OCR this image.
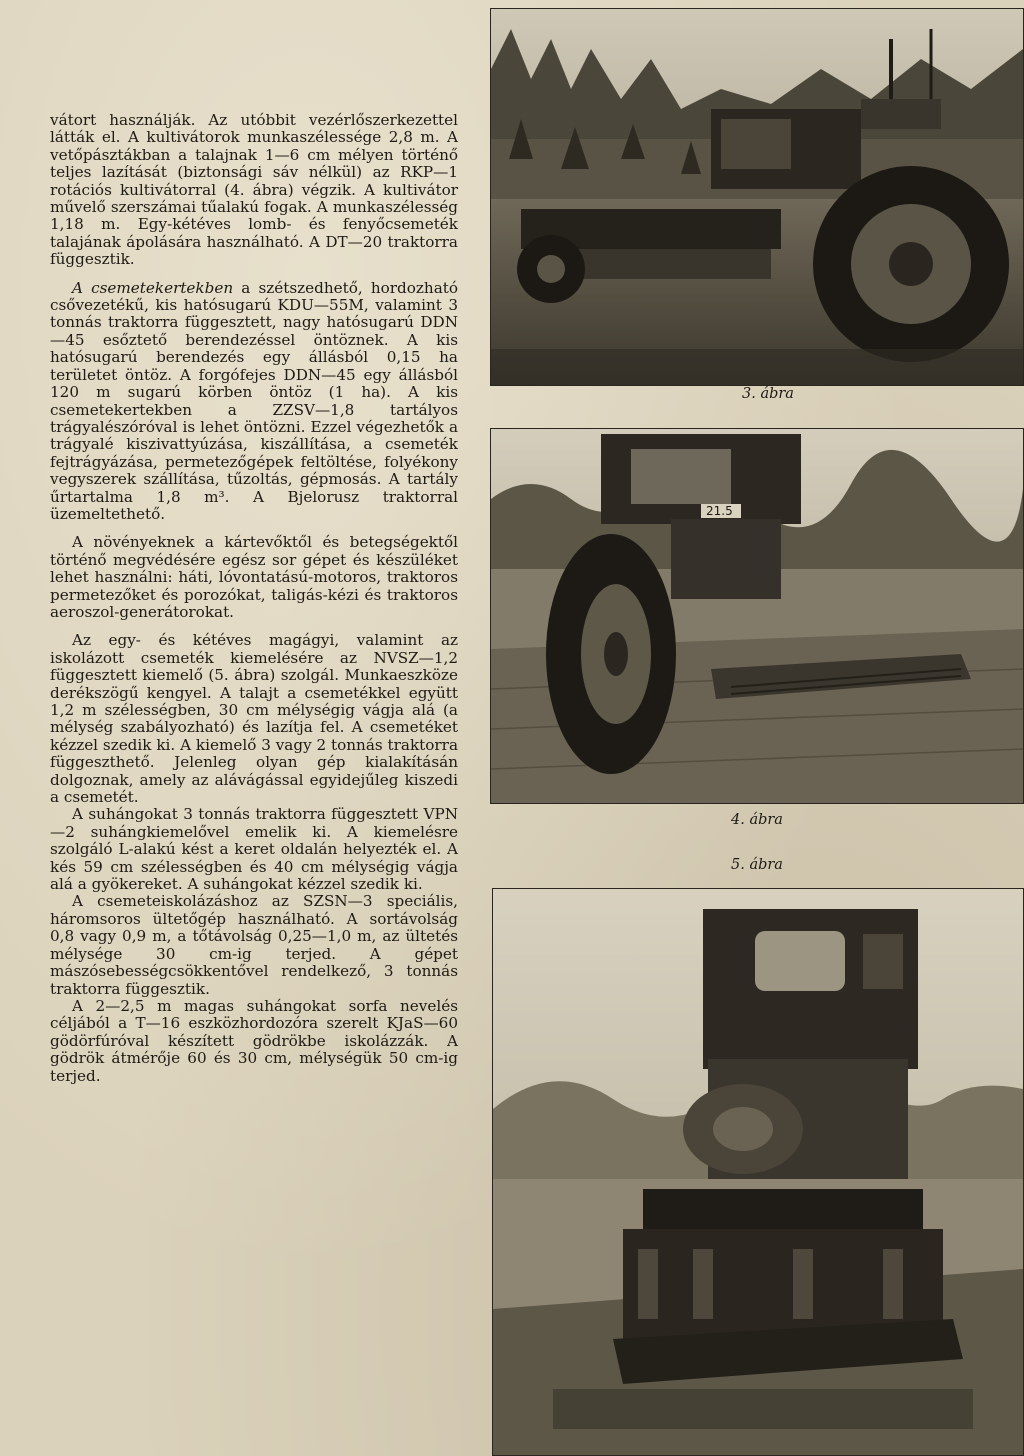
vátort használják. Az utóbbit vezérlőszerkezettel látták el. A kultivátorok munkaszélessége 2,8 m. A vetőpásztákban a talajnak 1—6 cm mélyen történő teljes lazítását (biztonsági sáv nélkül) az RKP—1 rotációs kultivátorral (4. ábra) végzik. A kultivátor művelő szerszámai tűalakú fogak. A munkaszélesség 1,18 m. Egy-kétéves lomb- és fenyőcsemeték talajának ápolására használható. A DT—20 traktorra függesztik.

A csemetekertekben a szétszedhető, hordozható csővezetékű, kis hatósugarú KDU—55M, valamint 3 tonnás traktorra függesztett, nagy hatósugarú DDN—45 esőztető berendezéssel öntöznek. A kis hatósugarú berendezés egy állásból 0,15 ha területet öntöz. A forgófejes DDN—45 egy állásból 120 m sugarú körben öntöz (1 ha). A kis csemetekertekben a ZZSV—1,8 tartályos trágyalészóróval is lehet öntözni. Ezzel végezhetők a trágyalé kiszivattyúzása, kiszállítása, a csemeték fejtrágyázása, permetezőgépek feltöltése, folyékony vegyszerek szállítása, tűzoltás, gépmosás. A tartály űrtartalma 1,8 m³. A Bjelorusz traktorral üzemeltethető.

A növényeknek a kártevőktől és betegségektől történő megvédésére egész sor gépet és készüléket lehet használni: háti, lóvontatású-motoros, traktoros permetezőket és porozókat, taligás-kézi és traktoros aeroszol-generátorokat.

Az egy- és kétéves magágyi, valamint az iskolázott csemeték kiemelésére az NVSZ—1,2 függesztett kiemelő (5. ábra) szolgál. Munkaeszköze derékszögű kengyel. A talajt a csemetékkel együtt 1,2 m szélességben, 30 cm mélységig vágja alá (a mélység szabályozható) és lazítja fel. A csemetéket kézzel szedik ki. A kiemelő 3 vagy 2 tonnás traktorra függeszthető. Jelenleg olyan gép kialakításán dolgoznak, amely az alávágással egyidejűleg kiszedi a csemetét.

A suhángokat 3 tonnás traktorra függesztett VPN—2 suhángkiemelővel emelik ki. A kiemelésre szolgáló L-alakú kést a keret oldalán helyezték el. A kés 59 cm szélességben és 40 cm mélységig vágja alá a gyökereket. A suhángokat kézzel szedik ki.

A csemeteiskolázáshoz az SZSN—3 speciális, háromsoros ültetőgép használható. A sortávolság 0,8 vagy 0,9 m, a tőtávolság 0,25—1,0 m, az ültetés mélysége 30 cm-ig terjed. A gépet mászósebességcsökkentővel rendelkező, 3 tonnás traktorra függesztik.

A 2—2,5 m magas suhángokat sorfa nevelés céljából a T—16 eszközhordozóra szerelt KJaS—60 gödörfúróval készített gödrökbe iskolázzák. A gödrök átmérője 60 és 30 cm, mélységük 50 cm-ig terjed.

3. ábra
21.5
4. ábra
5. ábra
